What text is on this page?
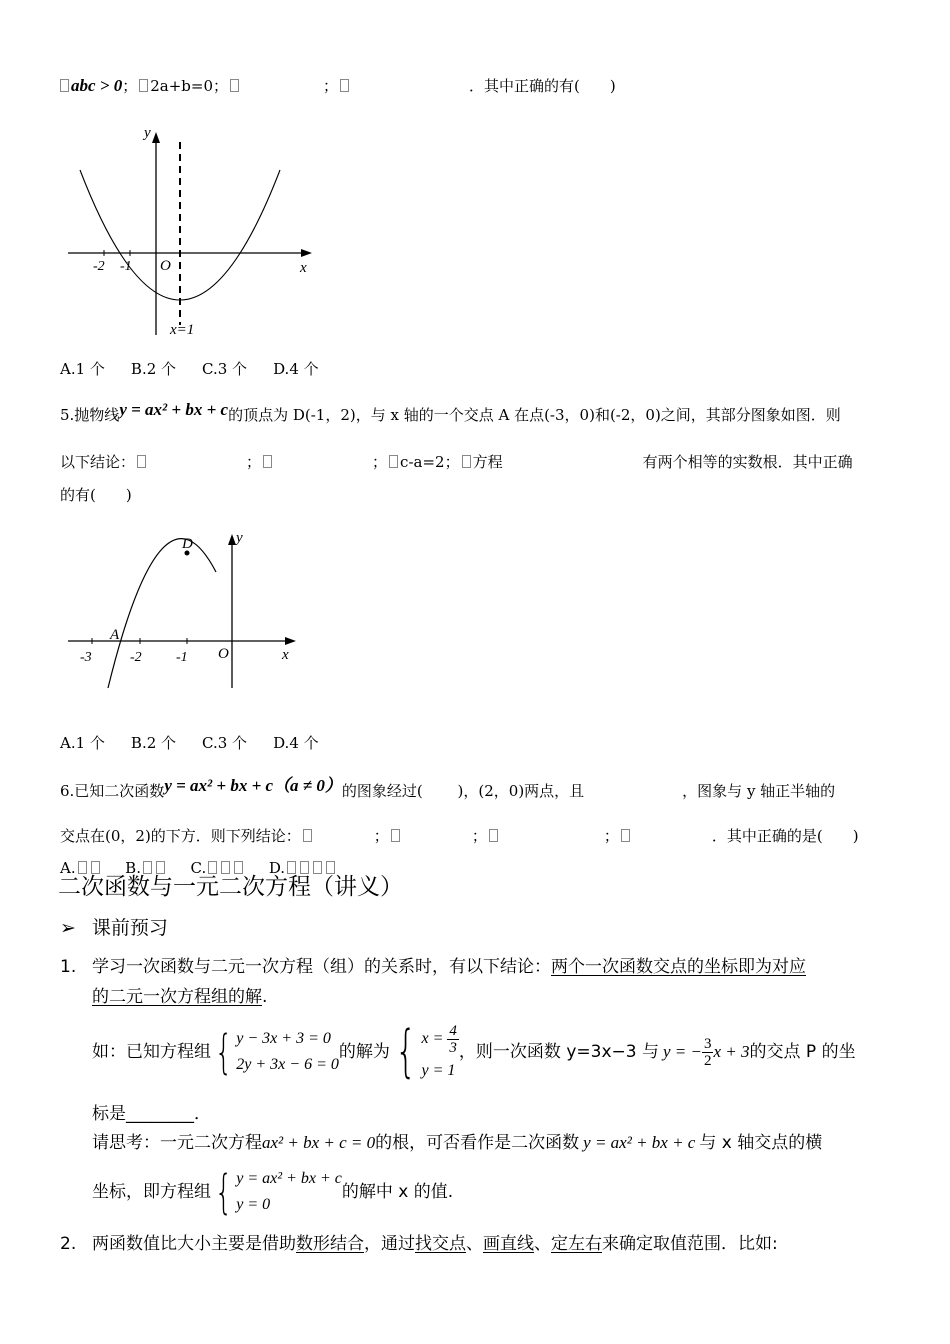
abc > 0； 2a+b=0；	；	．其中正确的有(　　)
y
x
O
-2 -1
x=1
A.1 个 B.2 个 C.3 个 D.4 个
5.抛物线y = ax² + bx + c的顶点为 D(-1，2)，与 x 轴的一个交点 A 在点(-3，0)和(-2，0)之间，其部分图象如图．则
以下结论：	；	； c-a=2； 方程	有两个相等的实数根．其中正确
的有(　　)
y
x
O
D
A
-3	-2 -1
A.1 个 B.2 个 C.3 个 D.4 个
6.已知二次函数y = ax² + bx + c（a ≠ 0）的图象经过(　　 )，(2，0)两点，且	，图象与 y 轴正半轴的
交点在(0，2)的下方．则下列结论：	；	；	；	．其中正确的是(　　)
A.	B.	C.	D.
二次函数与一元二次方程（讲义）
➢ 课前预习
1. 学习一次函数与二元一次方程（组）的关系时，有以下结论：两个一次函数交点的坐标即为对应
的二元一次方程组的解.
如：已知方程组 { y − 3x + 3 = 0
2y + 3x − 6 = 0
的解为 { $x = \frac{4}{3}$
y = 1
，则一次函数 y=3x−3 与 y = − $\frac{3}{2}$ x + 3 的交点 P 的坐
标是________．
请思考：一元二次方程ax² + bx + c = 0的根，可否看作是二次函数 y = ax² + bx + c 与 x 轴交点的横
坐标，即方程组 { y = ax² + bx + c
y = 0
的解中 x 的值.
2. 两函数值比大小主要是借助数形结合，通过找交点、画直线、定左右来确定取值范围．比如:
